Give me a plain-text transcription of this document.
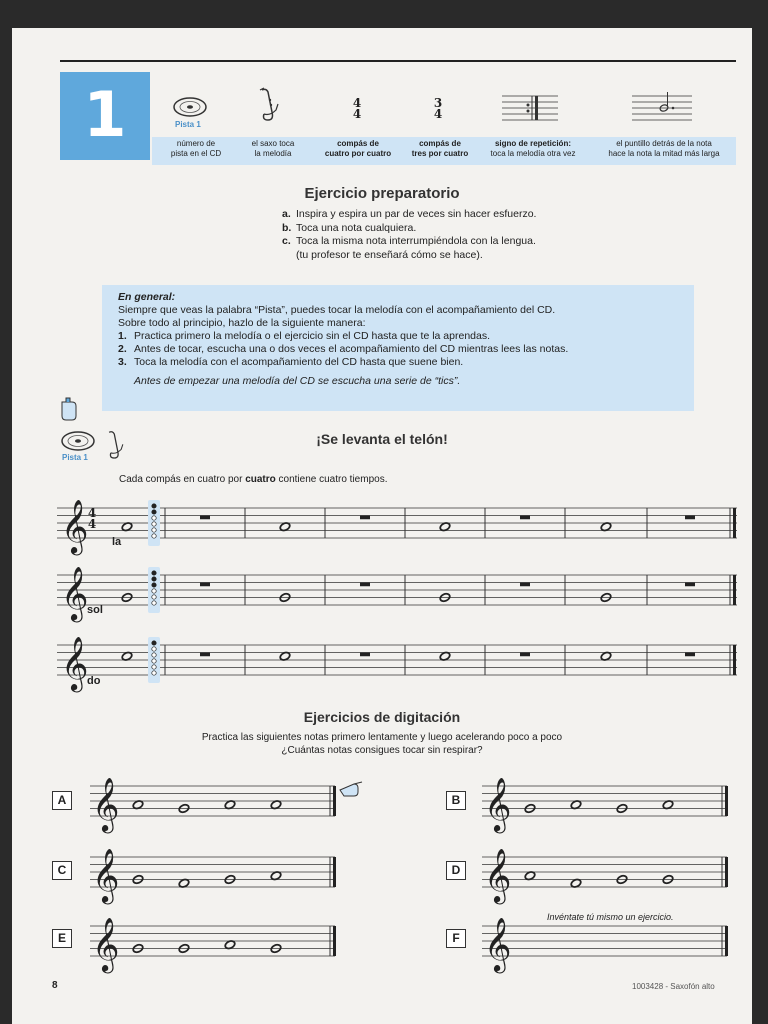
1	Pista 1
4
4
3
4
número de
pista en el CD
el saxo toca
la melodía
compás de
cuatro por cuatro
compás de
tres por cuatro
signo de repetición:
toca la melodía otra vez
el puntillo detrás de la nota
hace la nota la mitad más larga
Ejercicio preparatorio
a. Inspira y espira un par de veces sin hacer esfuerzo.
b. Toca una nota cualquiera.
c. Toca la misma nota interrumpiéndola con la lengua.
(tu profesor te enseñará cómo se hace).
En general:
Siempre que veas la palabra “Pista”, puedes tocar la melodía con el acompañamiento del CD.
Sobre todo al principio, hazlo de la siguiente manera:
1. Practica primero la melodía o el ejercicio sin el CD hasta que te la aprendas.
2. Antes de tocar, escucha una o dos veces el acompañamiento del CD mientras lees las notas.
3. Toca la melodía con el acompañamiento del CD hasta que suene bien.
Antes de empezar una melodía del CD se escucha una serie de “tics”.
Pista 1
¡Se levanta el telón!
Cada compás en cuatro por cuatro contiene cuatro tiempos.
𝄞 4
4
la
𝄞
sol
𝄞
do
Ejercicios de digitación
Practica las siguientes notas primero lentamente y luego acelerando poco a poco
¿Cuántas notas consigues tocar sin respirar?
A 𝄞	B 𝄞
C 𝄞	D 𝄞
E 𝄞	Invéntate tú mismo un ejercicio.
F 𝄞
8	1003428 - Saxofón alto
